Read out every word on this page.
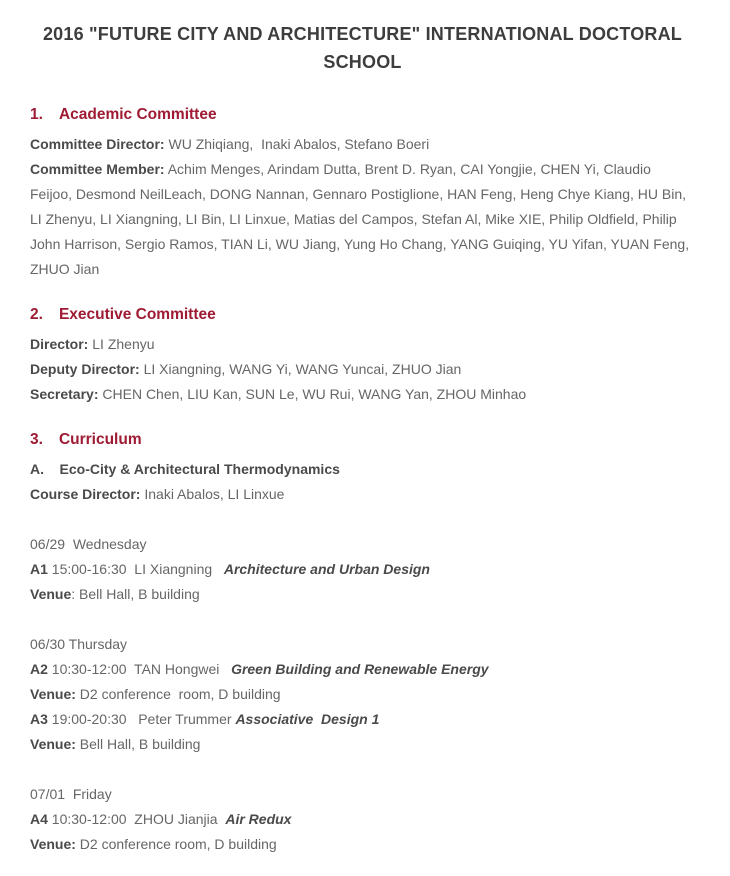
2016 "FUTURE CITY AND ARCHITECTURE" INTERNATIONAL DOCTORAL
SCHOOL
1. Academic Committee

Committee Director: WU Zhiqiang,  Inaki Abalos, Stefano Boeri

Committee Member: Achim Menges, Arindam Dutta, Brent D. Ryan, CAI Yongjie, CHEN Yi, Claudio Feijoo, Desmond NeilLeach, DONG Nannan, Gennaro Postiglione, HAN Feng, Heng Chye Kiang, HU Bin, LI Zhenyu, LI Xiangning, LI Bin, LI Linxue, Matias del Campos, Stefan Al, Mike XIE, Philip Oldfield, Philip John Harrison, Sergio Ramos, TIAN Li, WU Jiang, Yung Ho Chang, YANG Guiqing, YU Yifan, YUAN Feng, ZHUO Jian

2. Executive Committee

Director: LI Zhenyu

Deputy Director: LI Xiangning, WANG Yi, WANG Yuncai, ZHUO Jian

Secretary: CHEN Chen, LIU Kan, SUN Le, WU Rui, WANG Yan, ZHOU Minhao

3. Curriculum

A.    Eco-City & Architectural Thermodynamics

Course Director: Inaki Abalos, LI Linxue

06/29  Wednesday

A1 15:00-16:30  LI Xiangning   Architecture and Urban Design

Venue: Bell Hall, B building

06/30 Thursday

A2 10:30-12:00  TAN Hongwei   Green Building and Renewable Energy

Venue: D2 conference  room, D building

A3 19:00-20:30   Peter Trummer Associative  Design 1

Venue: Bell Hall, B building

07/01  Friday

A4 10:30-12:00  ZHOU Jianjia  Air Redux

Venue: D2 conference room, D building
